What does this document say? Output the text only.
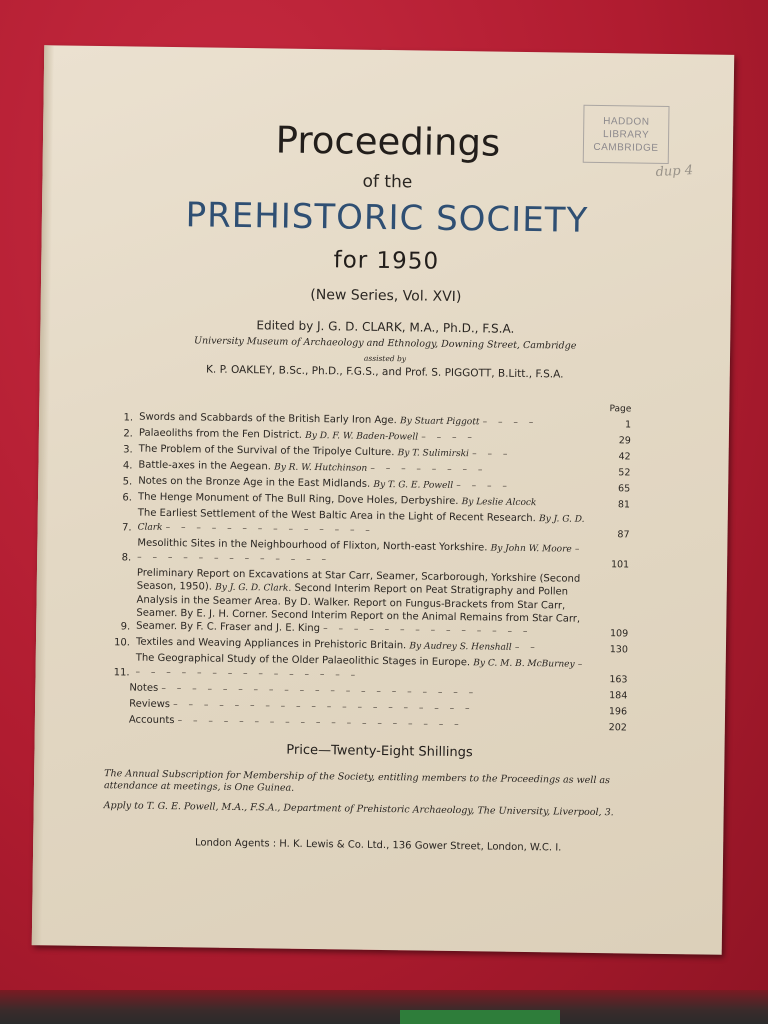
HADDON
LIBRARY
CAMBRIDGE
dup 4
Proceedings
of the
PREHISTORIC SOCIETY
for 1950
(New Series, Vol. XVI)
Edited by J. G. D. CLARK, M.A., Ph.D., F.S.A.
University Museum of Archaeology and Ethnology, Downing Street, Cambridge
assisted by
K. P. OAKLEY, B.Sc., Ph.D., F.G.S., and Prof. S. PIGGOTT, B.Litt., F.S.A.
Page
1. Swords and Scabbards of the British Early Iron Age. By Stuart Piggott – – – –	1
2. Palaeoliths from the Fen District. By D. F. W. Baden-Powell – – – –	29
3. The Problem of the Survival of the Tripolye Culture. By T. Sulimirski – – –	42
4. Battle-axes in the Aegean. By R. W. Hutchinson – – – – – – – –	52
5. Notes on the Bronze Age in the East Midlands. By T. G. E. Powell – – – –	65
6. The Henge Monument of The Bull Ring, Dove Holes, Derbyshire. By Leslie Alcock	81
7.
The Earliest Settlement of the West Baltic Area in the Light of Recent Research. By J. G. D. Clark – – – – – – – – – – – – – –	87
8.
Mesolithic Sites in the Neighbourhood of Flixton, North-east Yorkshire. By John W. Moore – – – – – – – – – – – – – –	101
9.
Preliminary Report on Excavations at Star Carr, Seamer, Scarborough, Yorkshire (Second Season, 1950). By J. G. D. Clark. Second Interim Report on Peat Stratigraphy and Pollen Analysis in the Seamer Area. By D. Walker. Report on Fungus-Brackets from Star Carr, Seamer. By E. J. H. Corner. Second Interim Report on the Animal Remains from Star Carr, Seamer. By F. C. Fraser and J. E. King – – – – – – – – – – – – – –	109
10. Textiles and Weaving Appliances in Prehistoric Britain. By Audrey S. Henshall – –	130
11.
The Geographical Study of the Older Palaeolithic Stages in Europe. By C. M. B. McBurney – – – – – – – – – – – – – – – –	163
Notes – – – – – – – – – – – – – – – – – – – – –	184
Reviews – – – – – – – – – – – – – – – – – – – –	196
Accounts – – – – – – – – – – – – – – – – – – –	202
Price—Twenty-Eight Shillings
The Annual Subscription for Membership of the Society, entitling members to the Proceedings as well as attendance at meetings, is One Guinea.
Apply to T. G. E. Powell, M.A., F.S.A., Department of Prehistoric Archaeology, The University, Liverpool, 3.
London Agents : H. K. Lewis & Co. Ltd., 136 Gower Street, London, W.C. I.
